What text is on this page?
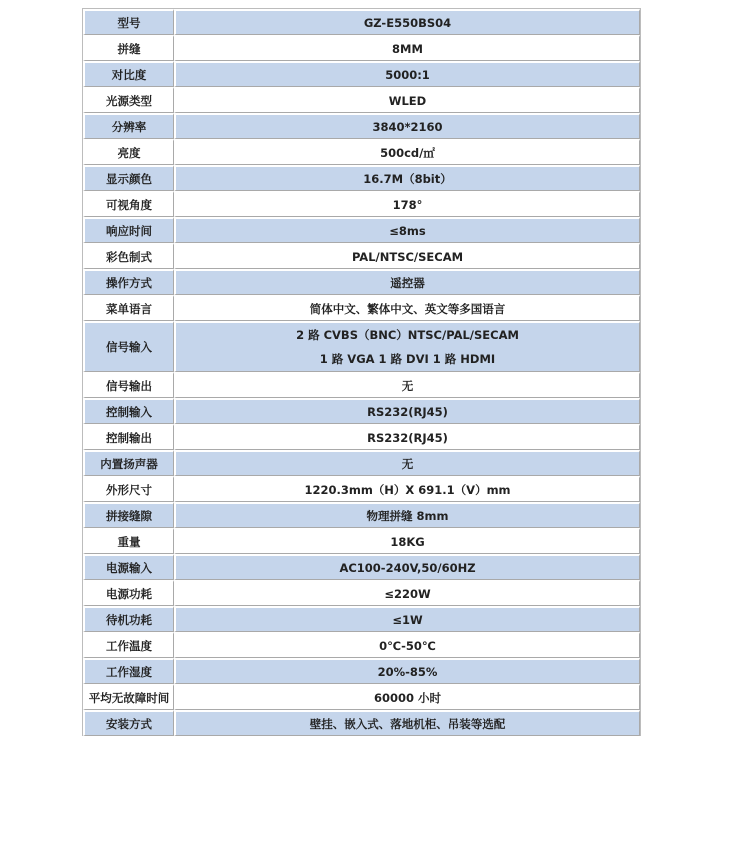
型号	GZ-E550BS04
拼缝	8MM
对比度	5000:1
光源类型	WLED
分辨率	3840*2160
亮度	500cd/㎡
显示颜色	16.7M（8bit）
可视角度	178°
响应时间	≤8ms
彩色制式	PAL/NTSC/SECAM
操作方式	遥控器
菜单语言	简体中文、繁体中文、英文等多国语言
信号输入	2 路 CVBS（BNC）NTSC/PAL/SECAM
1 路 VGA 1 路 DVI 1 路 HDMI

信号输出	无
控制输入	RS232(RJ45)
控制输出	RS232(RJ45)
内置扬声器	无
外形尺寸	1220.3mm（H）X 691.1（V）mm
拼接缝隙	物理拼缝 8mm
重量	18KG
电源输入	AC100-240V,50/60HZ
电源功耗	≤220W
待机功耗	≤1W
工作温度	0℃-50℃
工作湿度	20%-85%
平均无故障时间	60000 小时
安装方式	壁挂、嵌入式、落地机柜、吊装等选配
